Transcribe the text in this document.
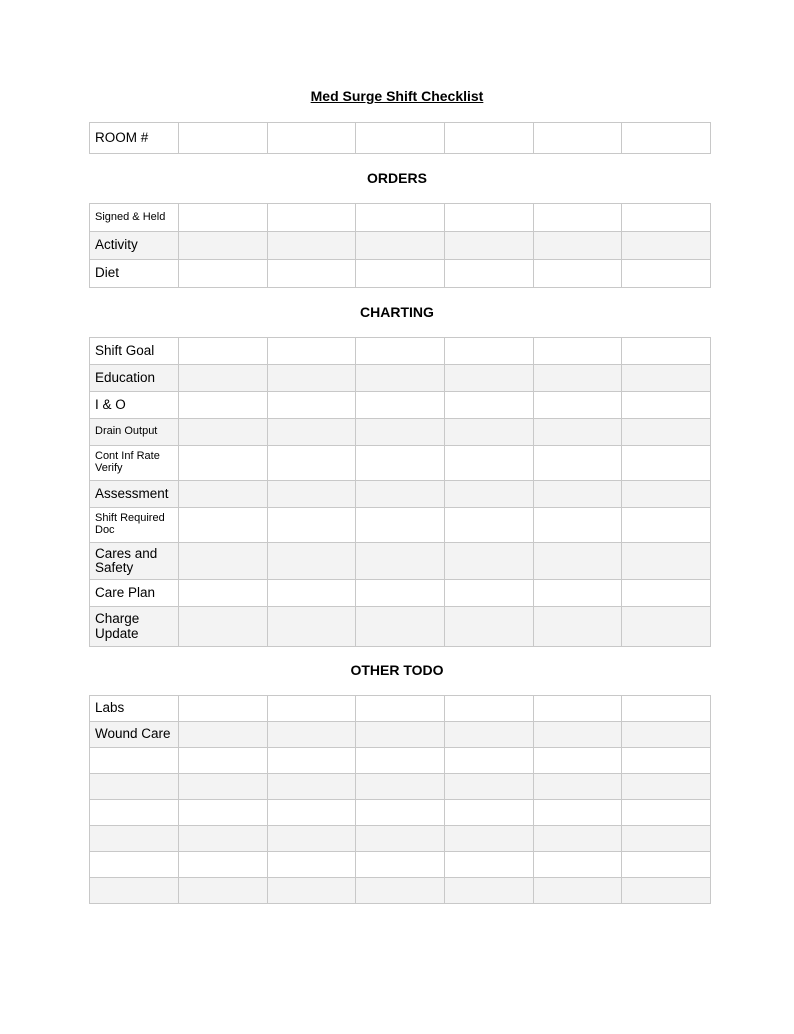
Med Surge Shift Checklist
ROOM #						
ORDERS
Signed & Held						
Activity						
Diet						
CHARTING
Shift Goal						
Education						
I & O						
Drain Output						
Cont Inf Rate Verify						
Assessment						
Shift Required Doc						
Cares and Safety						
Care Plan						
Charge Update						
OTHER TODO
Labs						
Wound Care						
